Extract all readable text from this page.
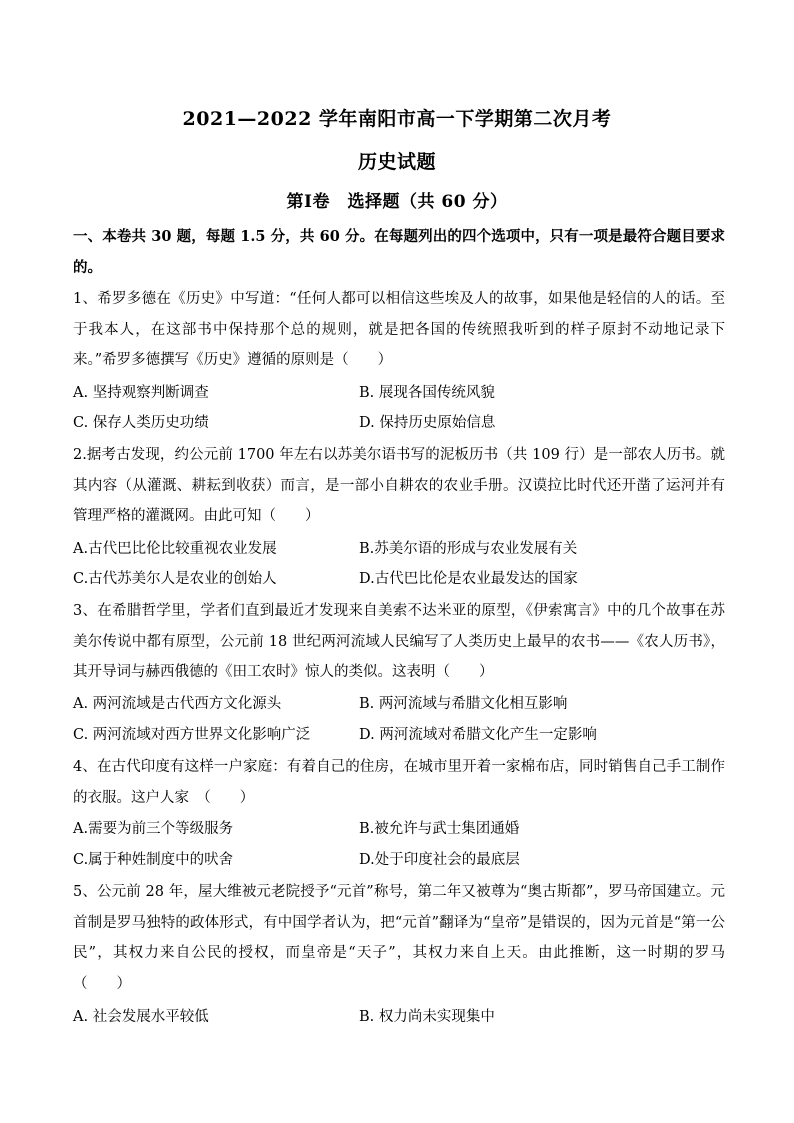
2021—2022 学年南阳市高一下学期第二次月考
历史试题
第Ⅰ卷　选择题（共 60 分）
一、本卷共 30 题，每题 1.5 分，共 60 分。在每题列出的四个选项中，只有一项是最符合题目要求的。
1、希罗多德在《历史》中写道：“任何人都可以相信这些埃及人的故事，如果他是轻信的人的话。至于我本人，在这部书中保持那个总的规则，就是把各国的传统照我听到的样子原封不动地记录下来。”希罗多德撰写《历史》遵循的原则是（　　）
A. 坚持观察判断调查	B. 展现各国传统风貌
C. 保存人类历史功绩	D. 保持历史原始信息
2.据考古发现，约公元前 1700 年左右以苏美尔语书写的泥板历书（共 109 行）是一部农人历书。就其内容（从灌溉、耕耘到收获）而言，是一部小自耕农的农业手册。汉谟拉比时代还开凿了运河并有管理严格的灌溉网。由此可知（　　）
A.古代巴比伦比较重视农业发展	B.苏美尔语的形成与农业发展有关
C.古代苏美尔人是农业的创始人	D.古代巴比伦是农业最发达的国家
3、在希腊哲学里，学者们直到最近才发现来自美索不达米亚的原型，《伊索寓言》中的几个故事在苏美尔传说中都有原型，公元前 18 世纪两河流域人民编写了人类历史上最早的农书——《农人历书》，其开导词与赫西俄德的《田工农时》惊人的类似。这表明（　　）
A. 两河流域是古代西方文化源头	B. 两河流域与希腊文化相互影响
C. 两河流域对西方世界文化影响广泛	D. 两河流域对希腊文化产生一定影响
4、在古代印度有这样一户家庭：有着自己的住房，在城市里开着一家棉布店，同时销售自己手工制作的衣服。这户人家　（　　）
A.需要为前三个等级服务	B.被允许与武士集团通婚
C.属于种姓制度中的吠舍	D.处于印度社会的最底层
5、公元前 28 年，屋大维被元老院授予“元首”称号，第二年又被尊为“奥古斯都”，罗马帝国建立。元首制是罗马独特的政体形式，有中国学者认为，把“元首”翻译为“皇帝”是错误的，因为元首是“第一公民”，其权力来自公民的授权，而皇帝是“天子”，其权力来自上天。由此推断，这一时期的罗马　（　　）
A. 社会发展水平较低	B. 权力尚未实现集中
